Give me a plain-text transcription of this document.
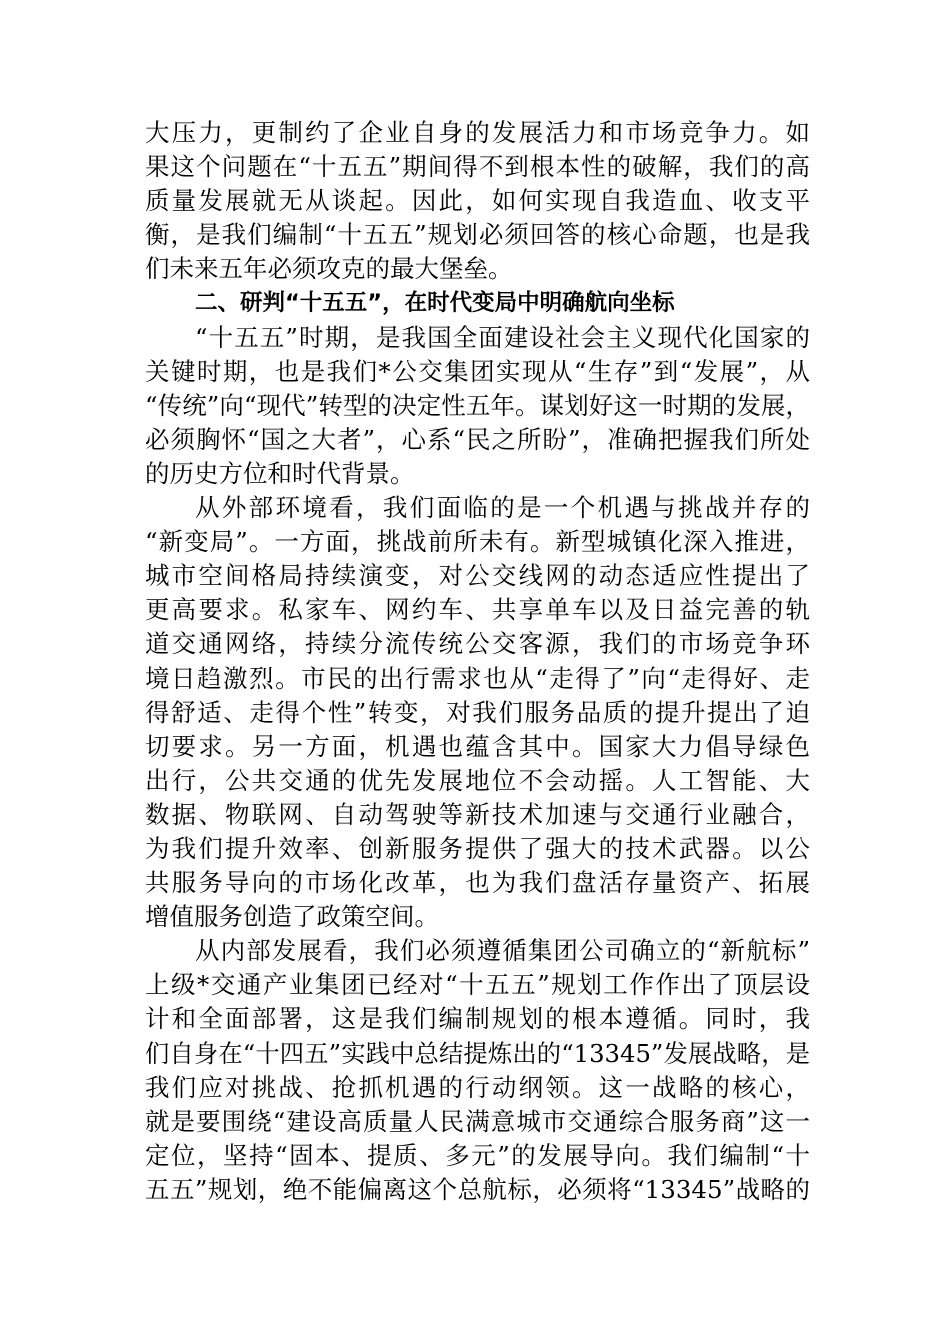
大压力，更制约了企业自身的发展活力和市场竞争力。如
果这个问题在“十五五”期间得不到根本性的破解，我们的高
质量发展就无从谈起。因此，如何实现自我造血、收支平
衡，是我们编制“十五五”规划必须回答的核心命题，也是我
们未来五年必须攻克的最大堡垒。
二、研判“十五五”，在时代变局中明确航向坐标
“十五五”时期，是我国全面建设社会主义现代化国家的
关键时期，也是我们*公交集团实现从“生存”到“发展”，从
“传统”向“现代”转型的决定性五年。谋划好这一时期的发展，
必须胸怀“国之大者”，心系“民之所盼”，准确把握我们所处
的历史方位和时代背景。
从外部环境看，我们面临的是一个机遇与挑战并存的
“新变局”。一方面，挑战前所未有。新型城镇化深入推进，
城市空间格局持续演变，对公交线网的动态适应性提出了
更高要求。私家车、网约车、共享单车以及日益完善的轨
道交通网络，持续分流传统公交客源，我们的市场竞争环
境日趋激烈。市民的出行需求也从“走得了”向“走得好、走
得舒适、走得个性”转变，对我们服务品质的提升提出了迫
切要求。另一方面，机遇也蕴含其中。国家大力倡导绿色
出行，公共交通的优先发展地位不会动摇。人工智能、大
数据、物联网、自动驾驶等新技术加速与交通行业融合，
为我们提升效率、创新服务提供了强大的技术武器。以公
共服务导向的市场化改革，也为我们盘活存量资产、拓展
增值服务创造了政策空间。
从内部发展看，我们必须遵循集团公司确立的“新航标”
上级*交通产业集团已经对“十五五”规划工作作出了顶层设
计和全面部署，这是我们编制规划的根本遵循。同时，我
们自身在“十四五”实践中总结提炼出的“13345”发展战略，是
我们应对挑战、抢抓机遇的行动纲领。这一战略的核心，
就是要围绕“建设高质量人民满意城市交通综合服务商”这一
定位，坚持“固本、提质、多元”的发展导向。我们编制“十
五五”规划，绝不能偏离这个总航标，必须将“13345”战略的
